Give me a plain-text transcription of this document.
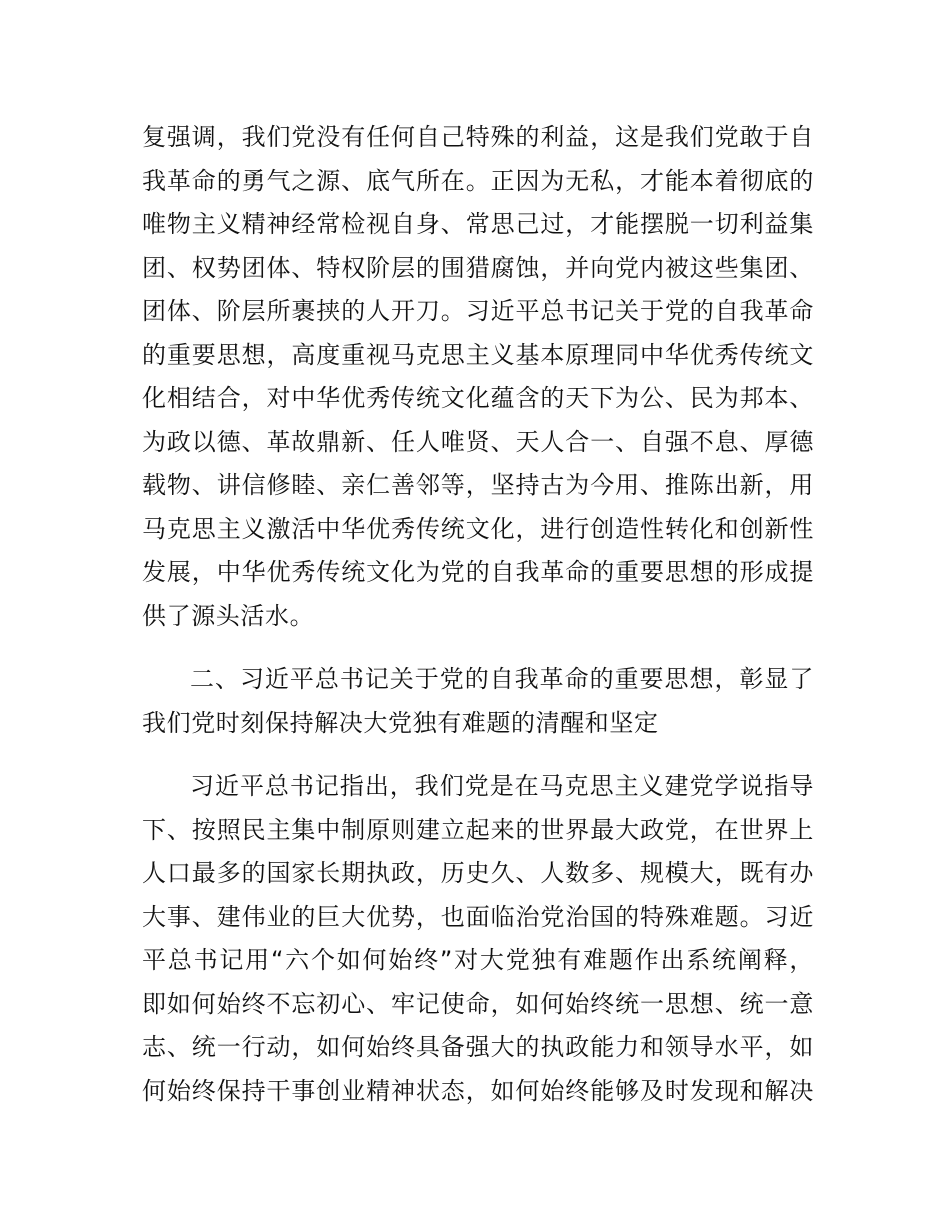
复强调，我们党没有任何自己特殊的利益，这是我们党敢于自
我革命的勇气之源、底气所在。正因为无私，才能本着彻底的
唯物主义精神经常检视自身、常思己过，才能摆脱一切利益集
团、权势团体、特权阶层的围猎腐蚀，并向党内被这些集团、
团体、阶层所裹挟的人开刀。习近平总书记关于党的自我革命
的重要思想，高度重视马克思主义基本原理同中华优秀传统文
化相结合，对中华优秀传统文化蕴含的天下为公、民为邦本、
为政以德、革故鼎新、任人唯贤、天人合一、自强不息、厚德
载物、讲信修睦、亲仁善邻等，坚持古为今用、推陈出新，用
马克思主义激活中华优秀传统文化，进行创造性转化和创新性
发展，中华优秀传统文化为党的自我革命的重要思想的形成提
供了源头活水。
二、习近平总书记关于党的自我革命的重要思想，彰显了
我们党时刻保持解决大党独有难题的清醒和坚定
习近平总书记指出，我们党是在马克思主义建党学说指导
下、按照民主集中制原则建立起来的世界最大政党，在世界上
人口最多的国家长期执政，历史久、人数多、规模大，既有办
大事、建伟业的巨大优势，也面临治党治国的特殊难题。习近
平总书记用“六个如何始终”对大党独有难题作出系统阐释，
即如何始终不忘初心、牢记使命，如何始终统一思想、统一意
志、统一行动，如何始终具备强大的执政能力和领导水平，如
何始终保持干事创业精神状态，如何始终能够及时发现和解决
